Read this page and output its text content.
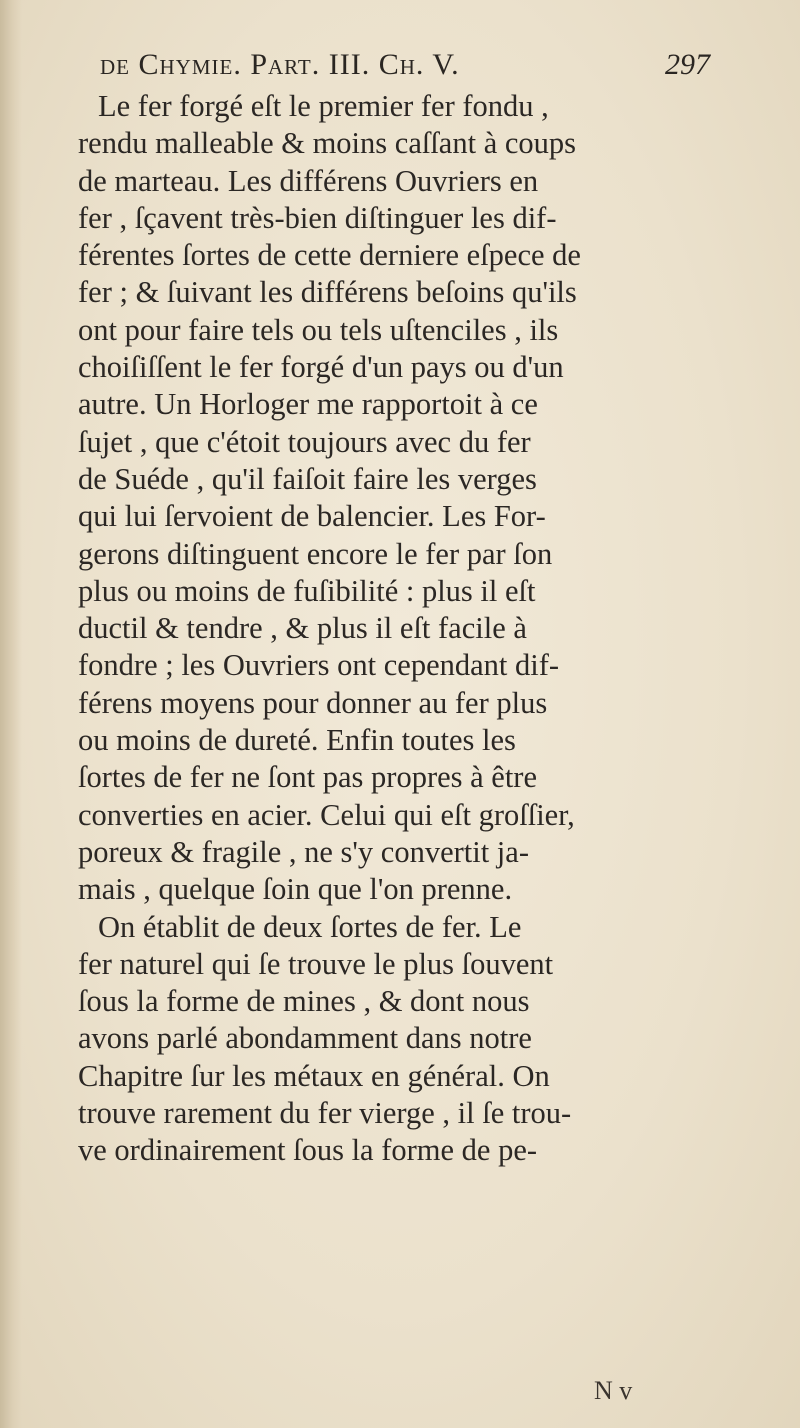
de Chymie. Part. III. Ch. V.	297
Le fer forgé eſt le premier fer fondu ,
rendu malleable & moins caſſant à coups
de marteau. Les différens Ouvriers en
fer , ſçavent très-bien diſtinguer les dif-
férentes ſortes de cette derniere eſpece de
fer ; & ſuivant les différens beſoins qu'ils
ont pour faire tels ou tels uſtenciles , ils
choiſiſſent le fer forgé d'un pays ou d'un
autre. Un Horloger me rapportoit à ce
ſujet , que c'étoit toujours avec du fer
de Suéde , qu'il faiſoit faire les verges
qui lui ſervoient de balencier. Les For-
gerons diſtinguent encore le fer par ſon
plus ou moins de fuſibilité : plus il eſt
ductil & tendre , & plus il eſt facile à
fondre ; les Ouvriers ont cependant dif-
férens moyens pour donner au fer plus
ou moins de dureté. Enfin toutes les
ſortes de fer ne ſont pas propres à être
converties en acier. Celui qui eſt groſſier,
poreux & fragile , ne s'y convertit ja-
mais , quelque ſoin que l'on prenne.
On établit de deux ſortes de fer. Le
fer naturel qui ſe trouve le plus ſouvent
ſous la forme de mines , & dont nous
avons parlé abondamment dans notre
Chapitre ſur les métaux en général. On
trouve rarement du fer vierge , il ſe trou-
ve ordinairement ſous la forme de pe-
N v
